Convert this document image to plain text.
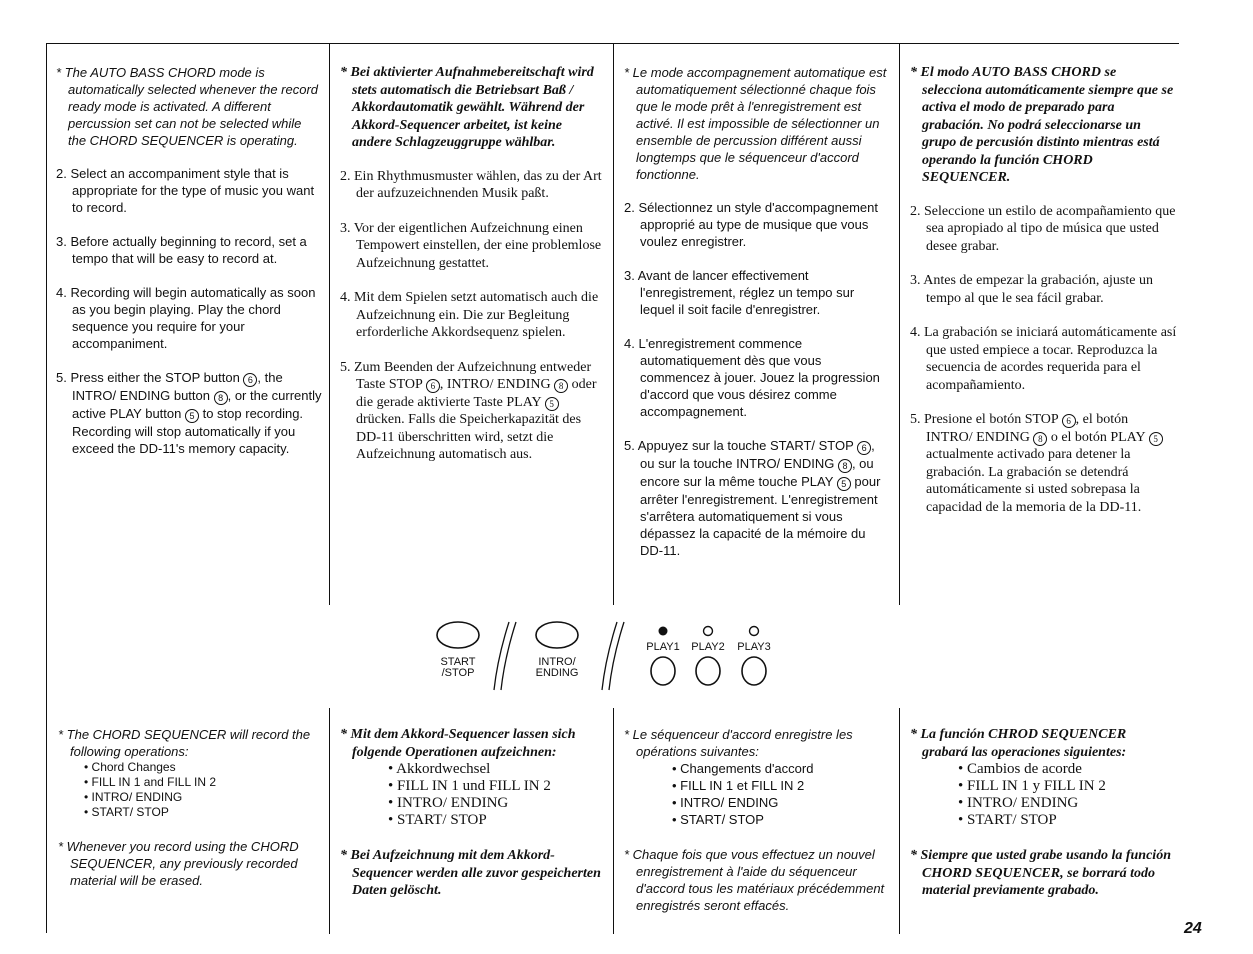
* The AUTO BASS CHORD mode is automatically selected whenever the record ready mode is activated. A different percussion set can not be selected while the CHORD SEQUENCER is operating.

2. Select an accompaniment style that is appropriate for the type of music you want to record.
3. Before actually beginning to record, set a tempo that will be easy to record at.
4. Recording will begin automatically as soon as you begin playing. Play the chord sequence you require for your accompaniment.
5. Press either the STOP button 6 , the INTRO/ ENDING button 8 , or the currently active PLAY button 5 to stop recording. Recording will stop automatically if you exceed the DD-11's memory capacity.

* Bei aktivierter Aufnahmebereitschaft wird stets automatisch die Betriebsart Baß / Akkordautomatik gewählt. Während der Akkord-Sequencer arbeitet, ist keine andere Schlagzeuggruppe wählbar.

2. Ein Rhythmusmuster wählen, das zu der Art der aufzuzeichnenden Musik paßt.
3. Vor der eigentlichen Aufzeichnung einen Tempowert einstellen, der eine problemlose Aufzeichnung gestattet.
4. Mit dem Spielen setzt automatisch auch die Aufzeichnung ein. Die zur Begleitung erforderliche Akkordsequenz spielen.
5. Zum Beenden der Aufzeichnung entweder Taste STOP 6 , INTRO/ ENDING 8 oder die gerade aktivierte Taste PLAY 5 drücken. Falls die Speicherkapazität des DD-11 überschritten wird, setzt die Aufzeichnung automatisch aus.

* Le mode accompagnement automatique est automatiquement sélectionné chaque fois que le mode prêt à l'enregistrement est activé. Il est impossible de sélectionner un ensemble de percussion différent aussi longtemps que le séquenceur d'accord fonctionne.

2. Sélectionnez un style d'accompagnement approprié au type de musique que vous voulez enregistrer.
3. Avant de lancer effectivement l'enregistrement, réglez un tempo sur lequel il soit facile d'enregistrer.
4. L'enregistrement commence automatiquement dès que vous commencez à jouer. Jouez la progression d'accord que vous désirez comme accompagnement.
5. Appuyez sur la touche START/ STOP 6 , ou sur la touche INTRO/ ENDING 8 , ou encore sur la même touche PLAY 5 pour arrêter l'enregistrement. L'enregistrement s'arrêtera automatiquement si vous dépassez la capacité de la mémoire du DD-11.

* El modo AUTO BASS CHORD se selecciona automáticamente siempre que se activa el modo de preparado para grabación. No podrá seleccionarse un grupo de percusión distinto mientras está operando la función CHORD SEQUENCER.

2. Seleccione un estilo de acompañamiento que sea apropiado al tipo de música que usted desee grabar.
3. Antes de empezar la grabación, ajuste un tempo al que le sea fácil grabar.
4. La grabación se iniciará automáticamente así que usted empiece a tocar. Reproduzca la secuencia de acordes requerida para el acompañamiento.
5. Presione el botón STOP 6 , el botón INTRO/ ENDING 8 o el botón PLAY 5 actualmente activado para detener la grabación. La grabación se detendrá automáticamente si usted sobrepasa la capacidad de la memoria de la DD-11.
START
/STOP
INTRO/
ENDING
PLAY1 PLAY2 PLAY3

* The CHORD SEQUENCER will record the following operations:

• Chord Changes
• FILL IN 1 and FILL IN 2
• INTRO/ ENDING
• START/ STOP

* Whenever you record using the CHORD SEQUENCER, any previously recorded material will be erased.

* Mit dem Akkord-Sequencer lassen sich folgende Operationen aufzeichnen:

• Akkordwechsel
• FILL IN 1 und FILL IN 2
• INTRO/ ENDING
• START/ STOP

* Bei Aufzeichnung mit dem Akkord-Sequencer werden alle zuvor gespeicherten Daten gelöscht.

* Le séquenceur d'accord enregistre les opérations suivantes:

• Changements d'accord
• FILL IN 1 et FILL IN 2
• INTRO/ ENDING
• START/ STOP

* Chaque fois que vous effectuez un nouvel enregistrement à l'aide du séquenceur d'accord tous les matériaux précédemment enregistrés seront effacés.

* La función CHROD SEQUENCER grabará las operaciones siguientes:

• Cambios de acorde
• FILL IN 1 y FILL IN 2
• INTRO/ ENDING
• START/ STOP

* Siempre que usted grabe usando la función CHORD SEQUENCER, se borrará todo material previamente grabado.

24
